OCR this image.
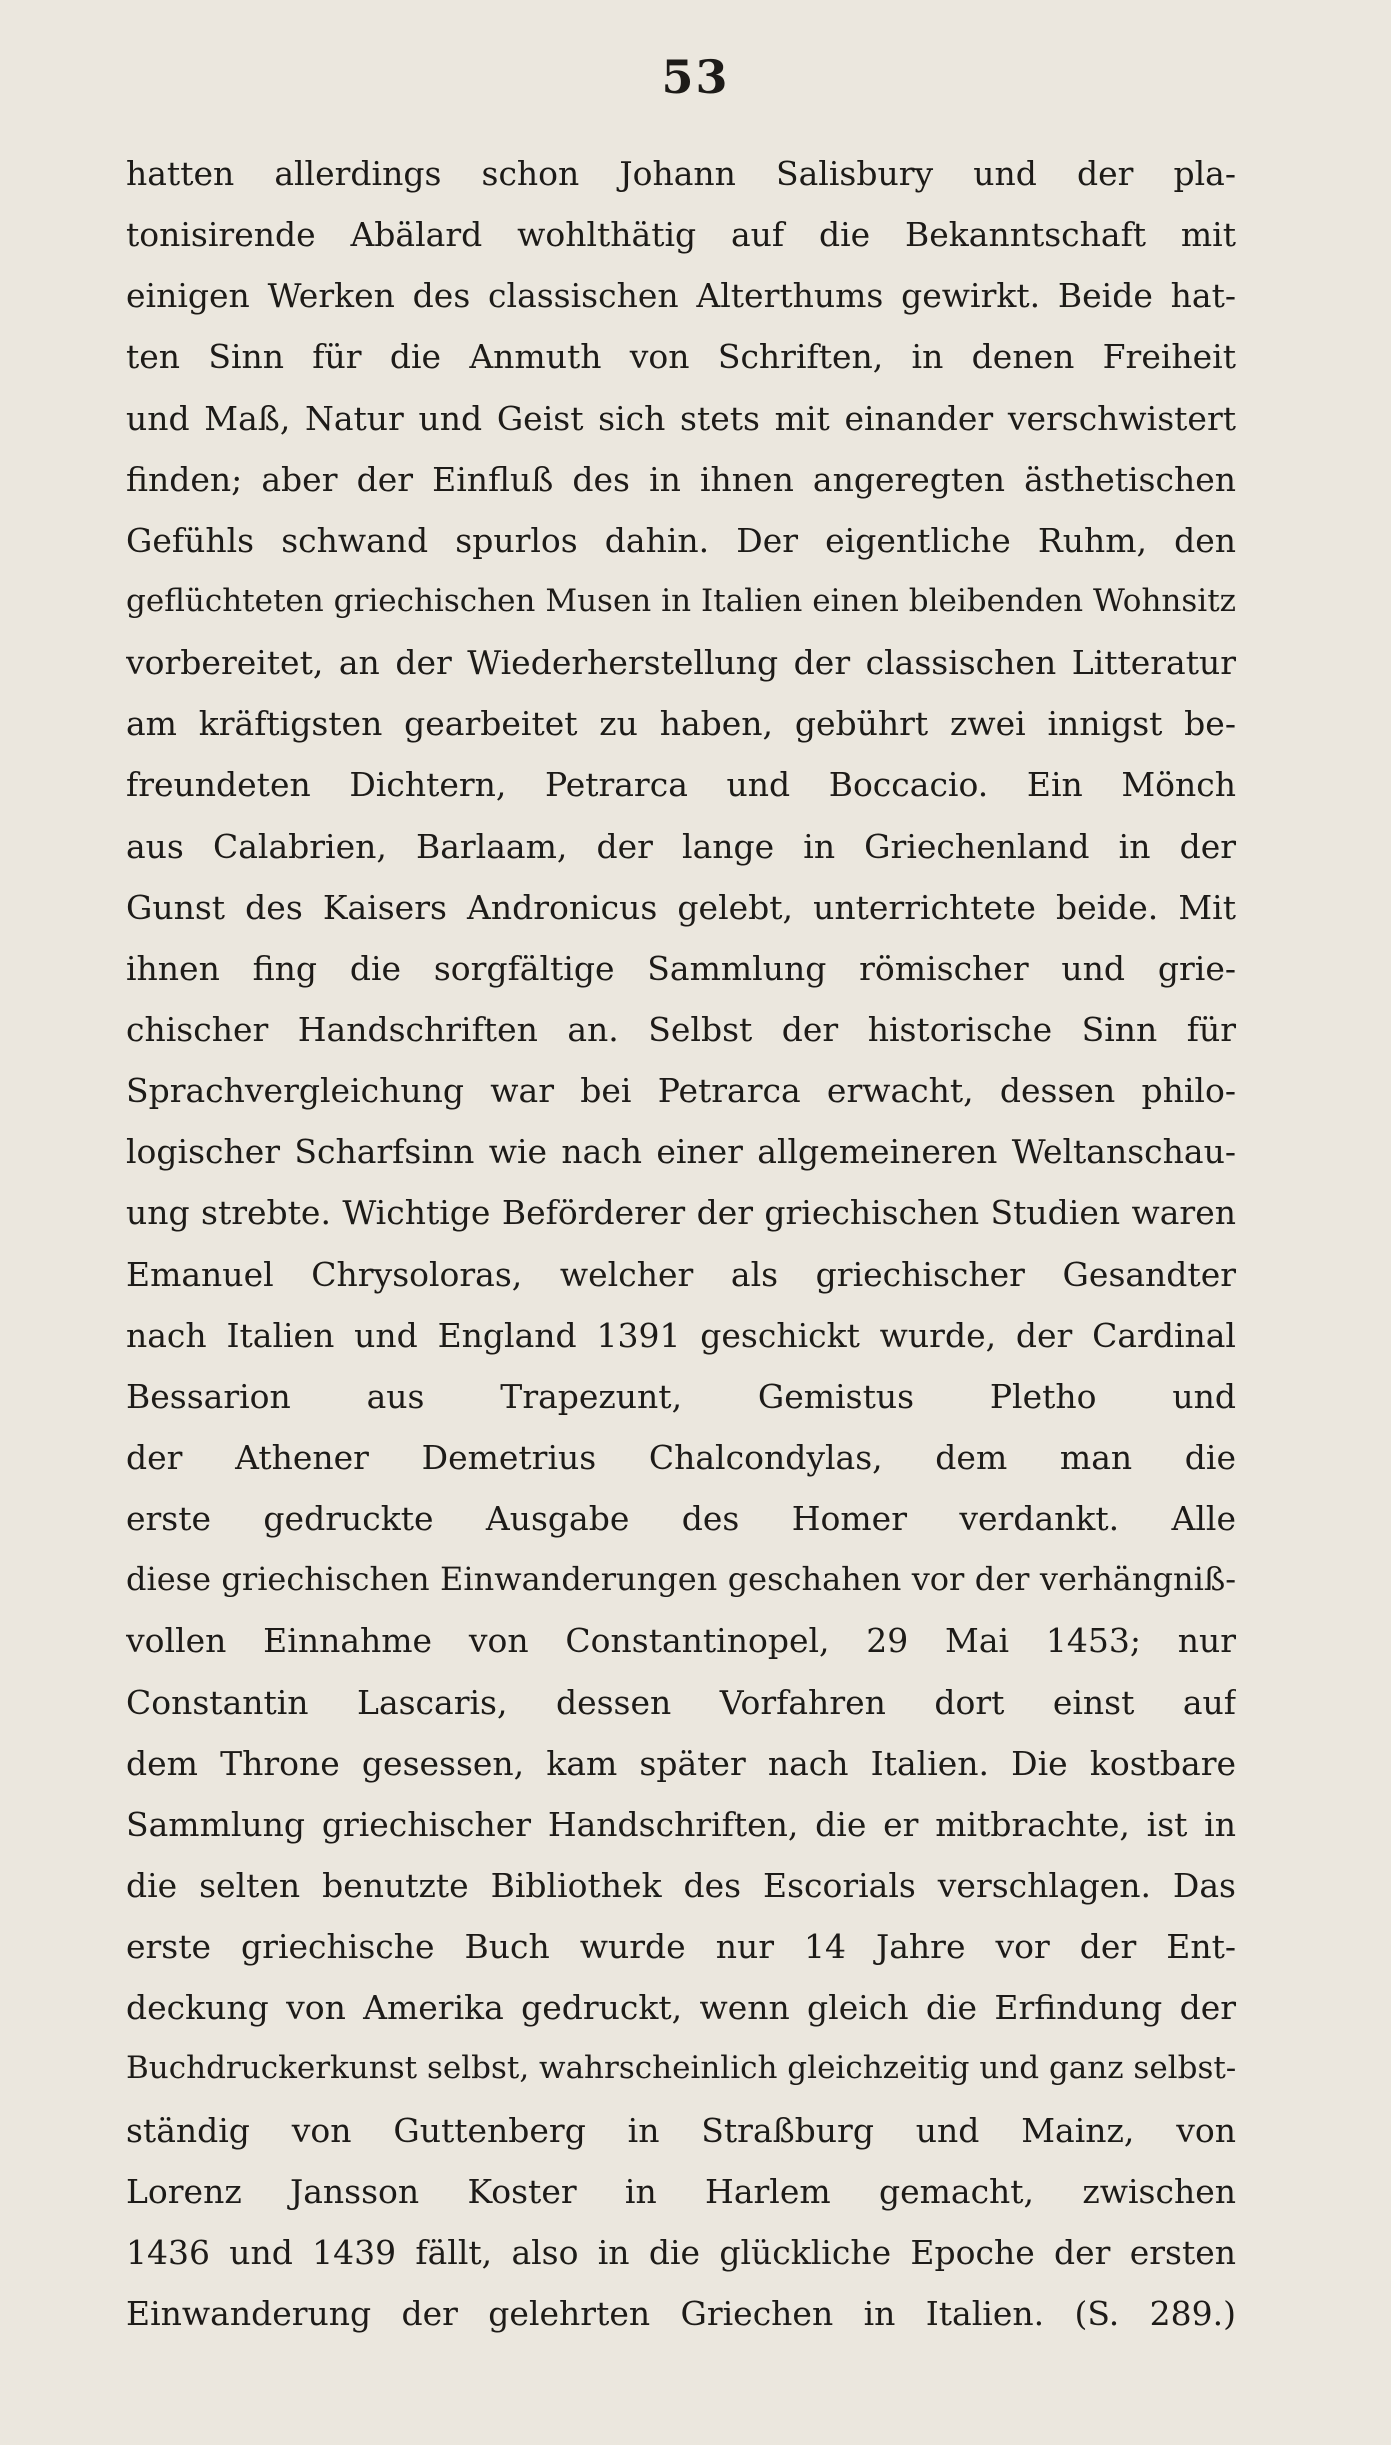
53
hatten allerdings schon Johann Salisbury und der pla-
tonisirende Abälard wohlthätig auf die Bekanntschaft mit
einigen Werken des classischen Alterthums gewirkt. Beide hat-
ten Sinn für die Anmuth von Schriften, in denen Freiheit
und Maß, Natur und Geist sich stets mit einander verschwistert
finden; aber der Einfluß des in ihnen angeregten ästhetischen
Gefühls schwand spurlos dahin. Der eigentliche Ruhm, den
geflüchteten griechischen Musen in Italien einen bleibenden Wohnsitz
vorbereitet, an der Wiederherstellung der classischen Litteratur
am kräftigsten gearbeitet zu haben, gebührt zwei innigst be-
freundeten Dichtern, Petrarca und Boccacio. Ein Mönch
aus Calabrien, Barlaam, der lange in Griechenland in der
Gunst des Kaisers Andronicus gelebt, unterrichtete beide. Mit
ihnen fing die sorgfältige Sammlung römischer und grie-
chischer Handschriften an. Selbst der historische Sinn für
Sprachvergleichung war bei Petrarca erwacht, dessen philo-
logischer Scharfsinn wie nach einer allgemeineren Weltanschau-
ung strebte. Wichtige Beförderer der griechischen Studien waren
Emanuel Chrysoloras, welcher als griechischer Gesandter
nach Italien und England 1391 geschickt wurde, der Cardinal
Bessarion aus Trapezunt, Gemistus Pletho und
der Athener Demetrius Chalcondylas, dem man die
erste gedruckte Ausgabe des Homer verdankt. Alle
diese griechischen Einwanderungen geschahen vor der verhängniß-
vollen Einnahme von Constantinopel, 29 Mai 1453; nur
Constantin Lascaris, dessen Vorfahren dort einst auf
dem Throne gesessen, kam später nach Italien. Die kostbare
Sammlung griechischer Handschriften, die er mitbrachte, ist in
die selten benutzte Bibliothek des Escorials verschlagen. Das
erste griechische Buch wurde nur 14 Jahre vor der Ent-
deckung von Amerika gedruckt, wenn gleich die Erfindung der
Buchdruckerkunst selbst, wahrscheinlich gleichzeitig und ganz selbst-
ständig von Guttenberg in Straßburg und Mainz, von
Lorenz Jansson Koster in Harlem gemacht, zwischen
1436 und 1439 fällt, also in die glückliche Epoche der ersten
Einwanderung der gelehrten Griechen in Italien. (S. 289.)
